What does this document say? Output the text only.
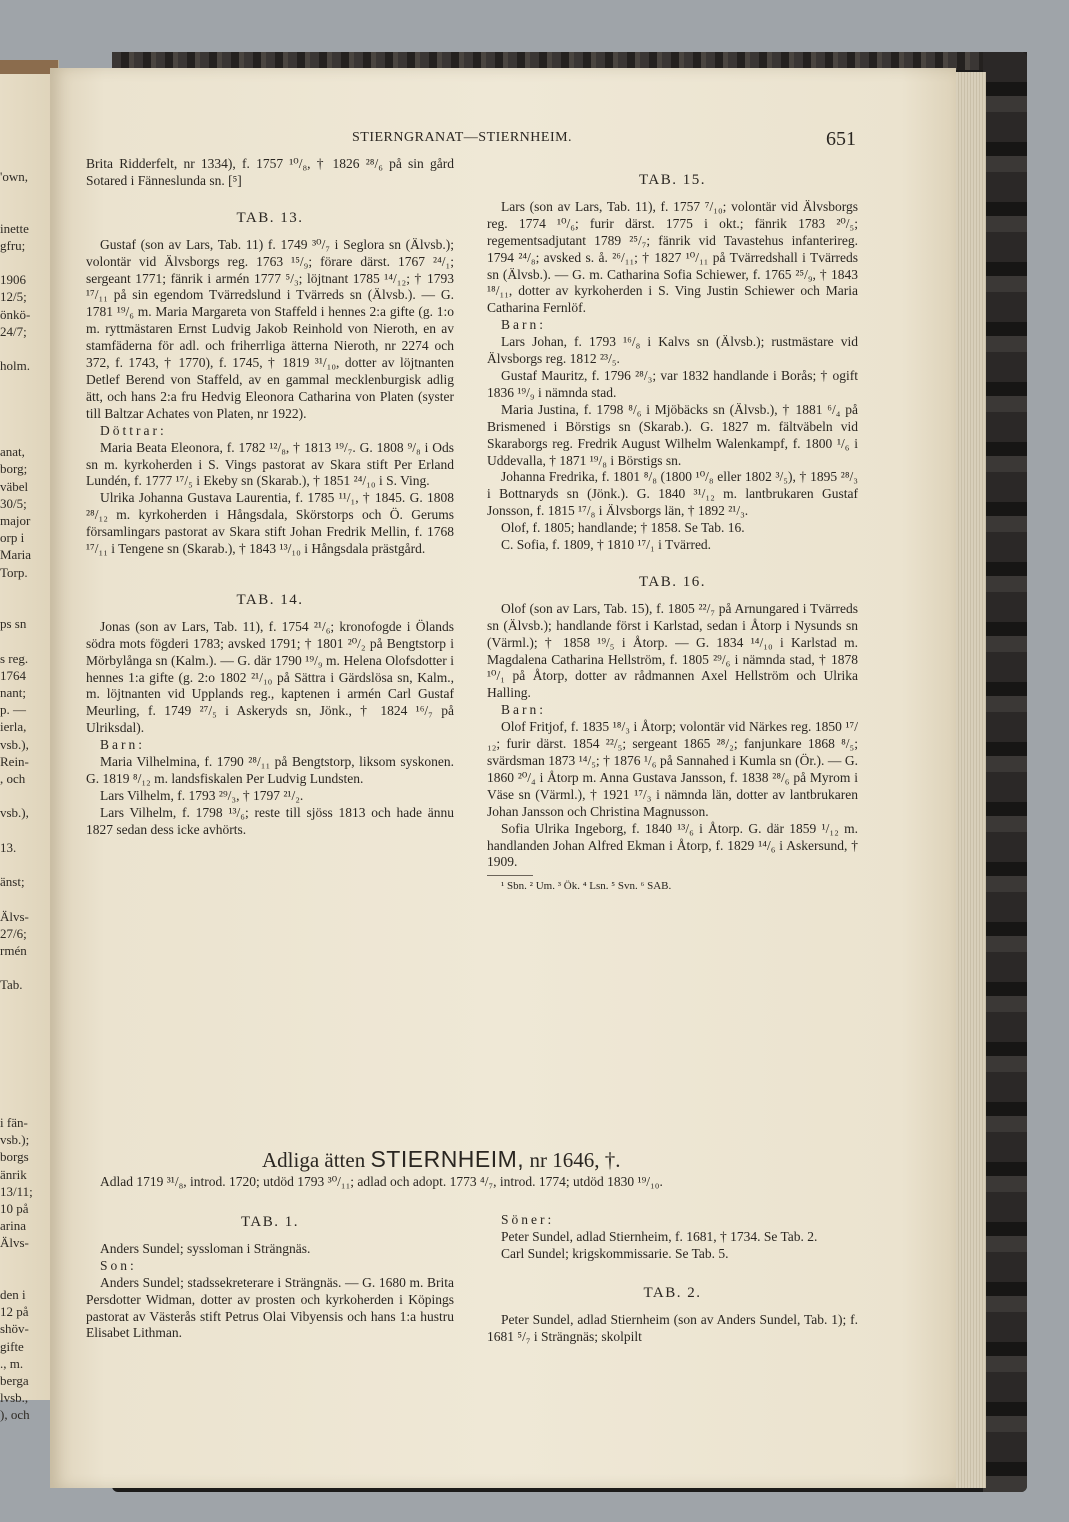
'own,
inette
gfru;
1906
12/5;
önkö-
24/7;
holm.
anat,
borg;
väbel
30/5;
major
orp i
Maria
Torp.
ps sn
s reg.
1764
nant;
p. —
ierla,
vsb.),
Rein-
, och
vsb.),
13.
änst;
Älvs-
27/6;
rmén
Tab.
i fän-
vsb.);
borgs
änrik
13/11;
10 på
arina
Älvs-
den i
12 på
shöv-
gifte
., m.
berga
lvsb.,
), och
STIERNGRANAT—STIERNHEIM.	651

Brita Ridderfelt, nr 1334), f. 1757 ¹⁰/₈, † 1826 ²⁸/₆ på sin gård Sotared i Fänneslunda sn. [⁵]

TAB. 13.

Gustaf (son av Lars, Tab. 11) f. 1749 ³⁰/₇ i Seglora sn (Älvsb.); volontär vid Älvsborgs reg. 1763 ¹⁵/₉; förare därst. 1767 ²⁴/₁; sergeant 1771; fänrik i armén 1777 ⁵/₃; löjtnant 1785 ¹⁴/₁₂; † 1793 ¹⁷/₁₁ på sin egendom Tvärredslund i Tvärreds sn (Älvsb.). — G. 1781 ¹⁹/₆ m. Maria Margareta von Staffeld i hennes 2:a gifte (g. 1:o m. ryttmästaren Ernst Ludvig Jakob Reinhold von Nieroth, en av stamfäderna för adl. och friherrliga ätterna Nieroth, nr 2274 och 372, f. 1743, † 1770), f. 1745, † 1819 ³¹/₁₀, dotter av löjtnanten Detlef Berend von Staffeld, av en gammal mecklenburgisk adlig ätt, och hans 2:a fru Hedvig Eleonora Catharina von Platen (syster till Baltzar Achates von Platen, nr 1922).

Döttrar:

Maria Beata Eleonora, f. 1782 ¹²/₈, † 1813 ¹⁹/₇. G. 1808 ⁹/₈ i Ods sn m. kyrkoherden i S. Vings pastorat av Skara stift Per Erland Lundén, f. 1777 ¹⁷/₅ i Ekeby sn (Skarab.), † 1851 ²⁴/₁₀ i S. Ving.

Ulrika Johanna Gustava Laurentia, f. 1785 ¹¹/₁, † 1845. G. 1808 ²⁸/₁₂ m. kyrkoherden i Hångsdala, Skörstorps och Ö. Gerums församlingars pastorat av Skara stift Johan Fredrik Mellin, f. 1768 ¹⁷/₁₁ i Tengene sn (Skarab.), † 1843 ¹³/₁₀ i Hångsdala prästgård.

TAB. 14.

Jonas (son av Lars, Tab. 11), f. 1754 ²¹/₆; kronofogde i Ölands södra mots fögderi 1783; avsked 1791; † 1801 ²⁰/₂ på Bengtstorp i Mörbylånga sn (Kalm.). — G. där 1790 ¹⁹/₉ m. Helena Olofsdotter i hennes 1:a gifte (g. 2:o 1802 ²¹/₁₀ på Sättra i Gärdslösa sn, Kalm., m. löjtnanten vid Upplands reg., kaptenen i armén Carl Gustaf Meurling, f. 1749 ²⁷/₅ i Askeryds sn, Jönk., † 1824 ¹⁶/₇ på Ulriksdal).

Barn:

Maria Vilhelmina, f. 1790 ²⁸/₁₁ på Bengtstorp, liksom syskonen. G. 1819 ⁸/₁₂ m. landsfiskalen Per Ludvig Lundsten.

Lars Vilhelm, f. 1793 ²⁹/₃, † 1797 ²¹/₂.

Lars Vilhelm, f. 1798 ¹³/₆; reste till sjöss 1813 och hade ännu 1827 sedan dess icke avhörts.

TAB. 15.

Lars (son av Lars, Tab. 11), f. 1757 ⁷/₁₀; volontär vid Älvsborgs reg. 1774 ¹⁰/₆; furir därst. 1775 i okt.; fänrik 1783 ²⁰/₅; regementsadjutant 1789 ²⁵/₇; fänrik vid Tavastehus infanterireg. 1794 ²⁴/₈; avsked s. å. ²⁶/₁₁; † 1827 ¹⁰/₁₁ på Tvärredshall i Tvärreds sn (Älvsb.). — G. m. Catharina Sofia Schiewer, f. 1765 ²⁵/₉, † 1843 ¹⁸/₁₁, dotter av kyrkoherden i S. Ving Justin Schiewer och Maria Catharina Fernlöf.

Barn:

Lars Johan, f. 1793 ¹⁶/₈ i Kalvs sn (Älvsb.); rustmästare vid Älvsborgs reg. 1812 ²³/₅.

Gustaf Mauritz, f. 1796 ²⁸/₃; var 1832 handlande i Borås; † ogift 1836 ¹⁹/₉ i nämnda stad.

Maria Justina, f. 1798 ⁸/₆ i Mjöbäcks sn (Älvsb.), † 1881 ⁶/₄ på Brismened i Börstigs sn (Skarab.). G. 1827 m. fältväbeln vid Skaraborgs reg. Fredrik August Wilhelm Walenkampf, f. 1800 ¹/₆ i Uddevalla, † 1871 ¹⁹/₈ i Börstigs sn.

Johanna Fredrika, f. 1801 ⁸/₈ (1800 ¹⁰/₈ eller 1802 ³/₅), † 1895 ²⁸/₃ i Bottnaryds sn (Jönk.). G. 1840 ³¹/₁₂ m. lantbrukaren Gustaf Jonsson, f. 1815 ¹⁷/₈ i Älvsborgs län, † 1892 ²¹/₃.

Olof, f. 1805; handlande; † 1858. Se Tab. 16.

C. Sofia, f. 1809, † 1810 ¹⁷/₁ i Tvärred.

TAB. 16.

Olof (son av Lars, Tab. 15), f. 1805 ²²/₇ på Arnungared i Tvärreds sn (Älvsb.); handlande först i Karlstad, sedan i Åtorp i Nysunds sn (Värml.); † 1858 ¹⁹/₅ i Åtorp. — G. 1834 ¹⁴/₁₀ i Karlstad m. Magdalena Catharina Hellström, f. 1805 ²⁹/₆ i nämnda stad, † 1878 ¹⁰/₁ på Åtorp, dotter av rådmannen Axel Hellström och Ulrika Halling.

Barn:

Olof Fritjof, f. 1835 ¹⁸/₃ i Åtorp; volontär vid Närkes reg. 1850 ¹⁷/₁₂; furir därst. 1854 ²²/₅; sergeant 1865 ²⁸/₂; fanjunkare 1868 ⁸/₅; svärdsman 1873 ¹⁴/₅; † 1876 ¹/₆ på Sannahed i Kumla sn (Ör.). — G. 1860 ²⁰/₄ i Åtorp m. Anna Gustava Jansson, f. 1838 ²⁸/₆ på Myrom i Väse sn (Värml.), † 1921 ¹⁷/₃ i nämnda län, dotter av lantbrukaren Johan Jansson och Christina Magnusson.

Sofia Ulrika Ingeborg, f. 1840 ¹³/₆ i Åtorp. G. där 1859 ¹/₁₂ m. handlanden Johan Alfred Ekman i Åtorp, f. 1829 ¹⁴/₆ i Askersund, † 1909.

¹ Sbn. ² Um. ³ Ök. ⁴ Lsn. ⁵ Svn. ⁶ SAB.

Adliga ätten STIERNHEIM, nr 1646, †.
Adlad 1719 ³¹/₈, introd. 1720; utdöd 1793 ³⁰/₁₁; adlad och adopt. 1773 ⁴/₇, introd. 1774; utdöd 1830 ¹⁹/₁₀.
TAB. 1.

Anders Sundel; syssloman i Strängnäs.

Son:

Anders Sundel; stadssekreterare i Strängnäs. — G. 1680 m. Brita Persdotter Widman, dotter av prosten och kyrkoherden i Köpings pastorat av Västerås stift Petrus Olai Vibyensis och hans 1:a hustru Elisabet Lithman.

Söner:

Peter Sundel, adlad Stiernheim, f. 1681, † 1734. Se Tab. 2.

Carl Sundel; krigskommissarie. Se Tab. 5.

TAB. 2.

Peter Sundel, adlad Stiernheim (son av Anders Sundel, Tab. 1); f. 1681 ⁵/₇ i Strängnäs; skolpilt
